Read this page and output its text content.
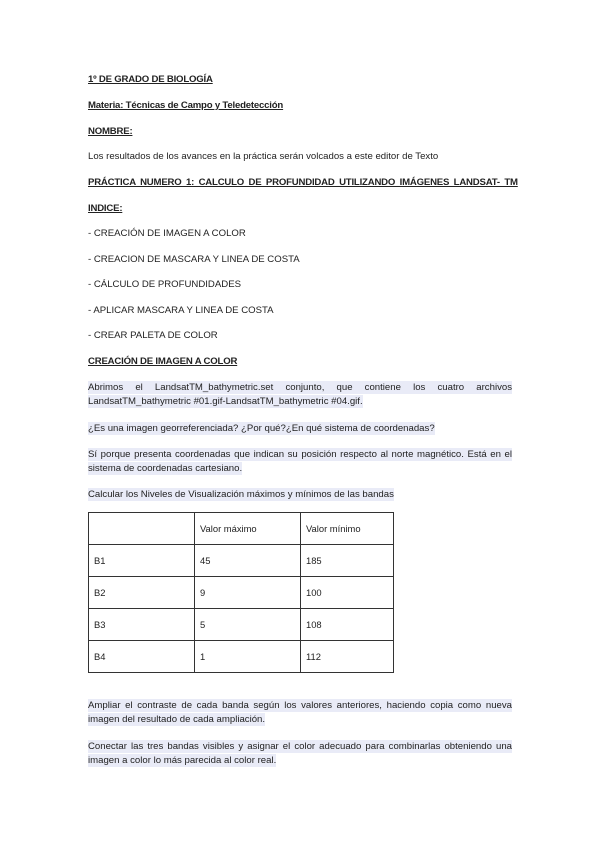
1º DE GRADO DE BIOLOGÍA
Materia: Técnicas de Campo y Teledetección
NOMBRE:
Los resultados de los avances en la práctica serán volcados a este editor de Texto
PRÁCTICA NUMERO 1: CALCULO DE PROFUNDIDAD UTILIZANDO IMÁGENES LANDSAT- TM
INDICE:
- CREACIÓN DE IMAGEN A COLOR
- CREACION DE MASCARA Y LINEA DE COSTA
- CÁLCULO DE PROFUNDIDADES
- APLICAR MASCARA Y LINEA DE COSTA
- CREAR PALETA DE COLOR
CREACIÓN DE IMAGEN A COLOR
Abrimos el LandsatTM_bathymetric.set conjunto, que contiene los cuatro archivos LandsatTM_bathymetric #01.gif-LandsatTM_bathymetric #04.gif.
¿Es una imagen georreferenciada? ¿Por qué?¿En qué sistema de coordenadas?
Sí porque presenta coordenadas que indican su posición respecto al norte magnético. Está en el sistema de coordenadas cartesiano.
Calcular los Niveles de Visualización máximos y mínimos de las bandas
	Valor máximo	Valor mínimo
B1	45	185
B2	9	100
B3	5	108
B4	1	112
Ampliar el contraste de cada banda según los valores anteriores, haciendo copia como nueva imagen del resultado de cada ampliación.
Conectar las tres bandas visibles y asignar el color adecuado para combinarlas obteniendo una imagen a color lo más parecida al color real.
